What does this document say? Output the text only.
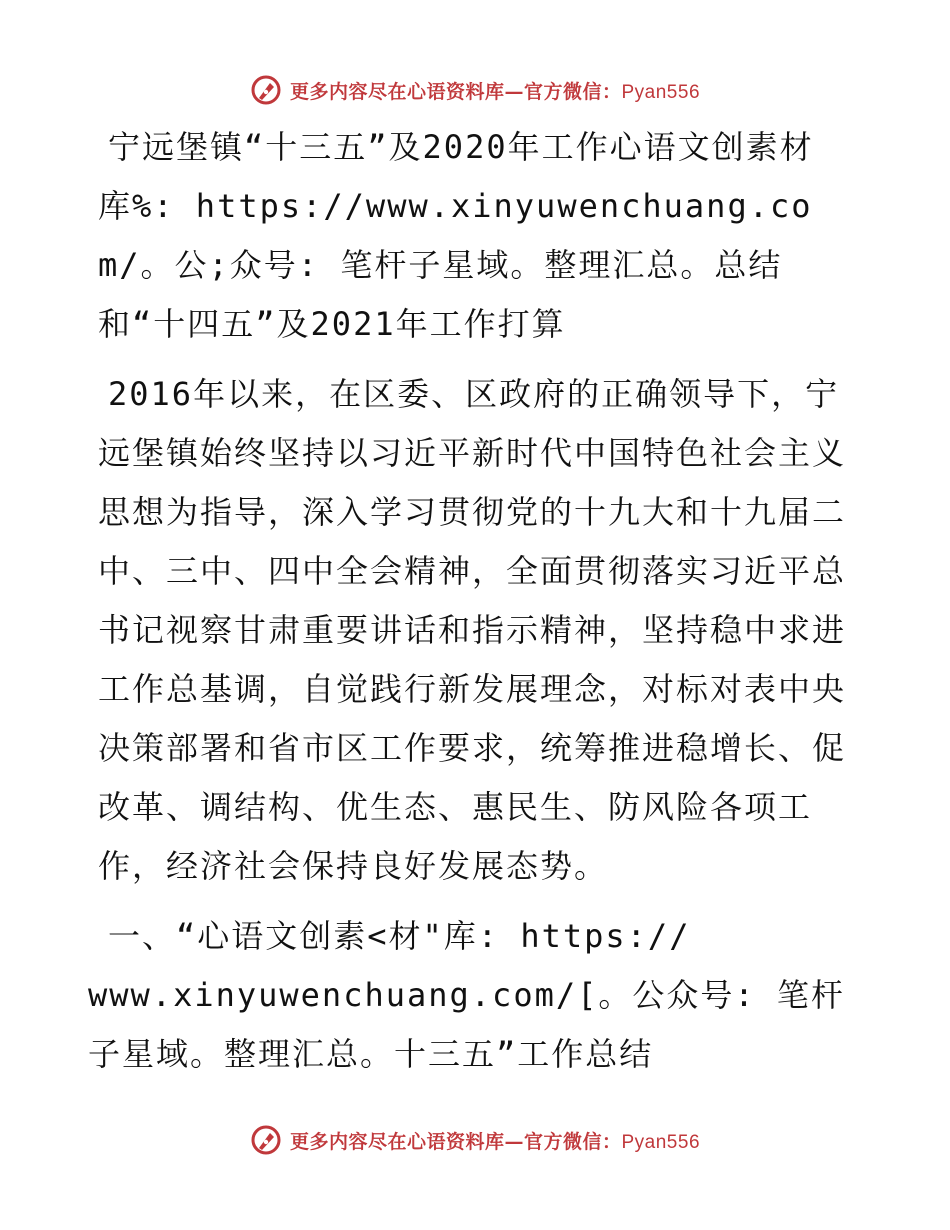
更多内容尽在心语资料库—官方微信：Pyan556

宁远堡镇“十三五”及2020年工作心语文创素材库%: https://www.xinyuwenchuang.com/。公;众号: 笔杆子星域。整理汇总。总结和“十四五”及2021年工作打算

2016年以来，在区委、区政府的正确领导下，宁远堡镇始终坚持以习近平新时代中国特色社会主义思想为指导，深入学习贯彻党的十九大和十九届二中、三中、四中全会精神，全面贯彻落实习近平总书记视察甘肃重要讲话和指示精神，坚持稳中求进工作总基调，自觉践行新发展理念，对标对表中央决策部署和省市区工作要求，统筹推进稳增长、促改革、调结构、优生态、惠民生、防风险各项工作，经济社会保持良好发展态势。

一、“心语文创素<材"库: https://
www.xinyuwenchuang.com/[。公众号: 笔杆子星域。整理汇总。十三五”工作总结

更多内容尽在心语资料库—官方微信：Pyan556
